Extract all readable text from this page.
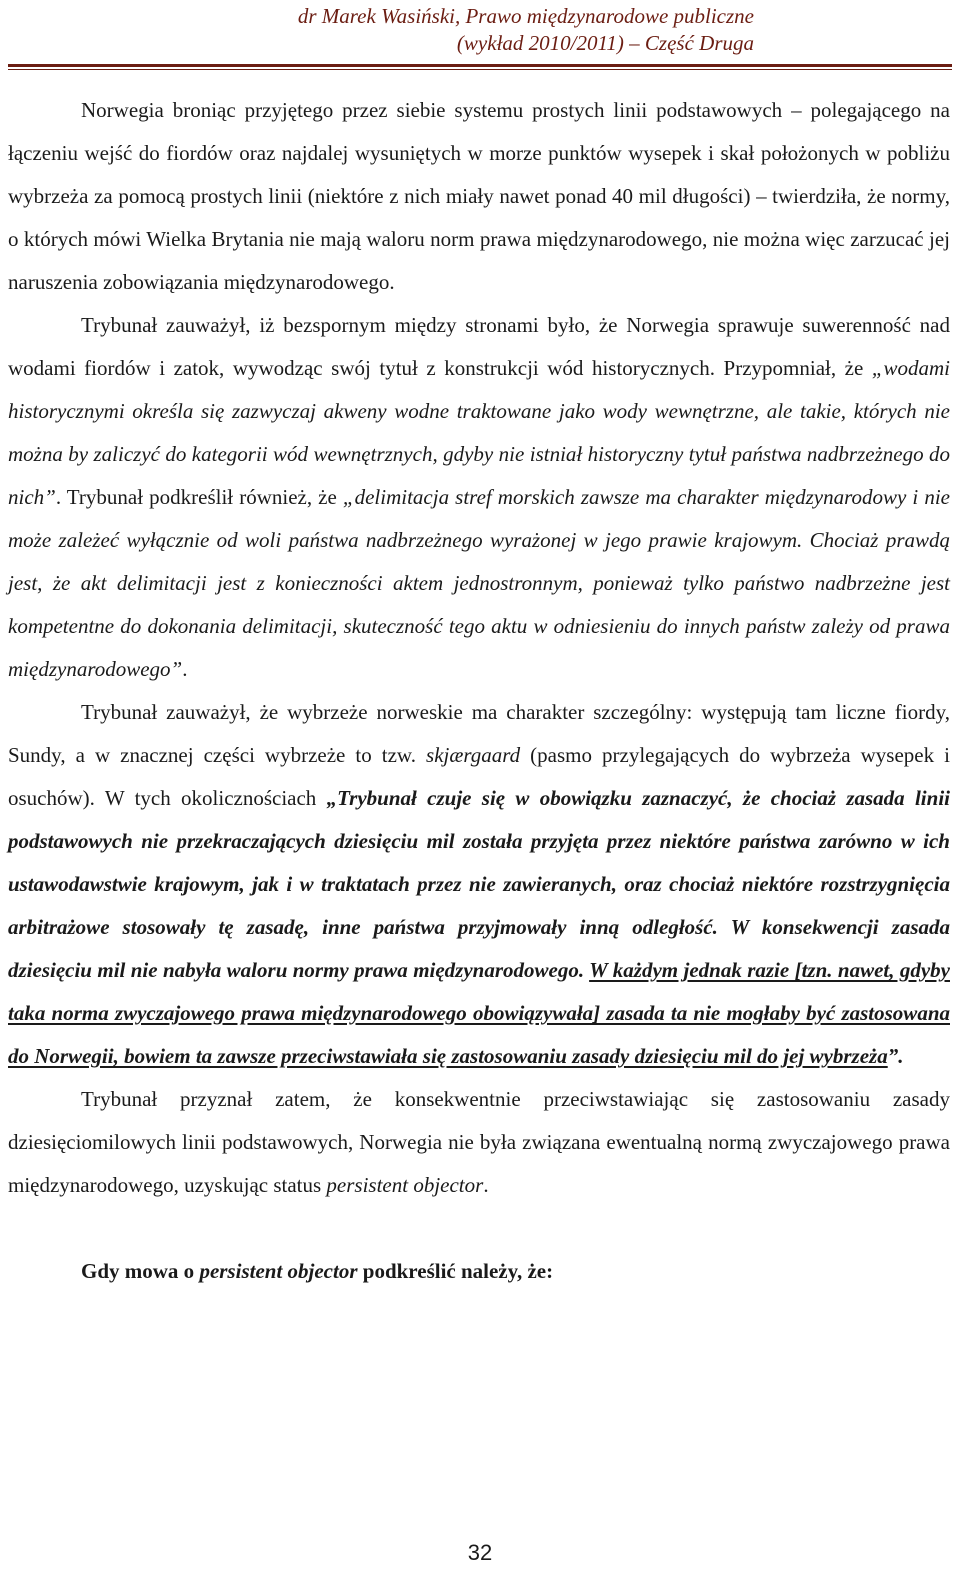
dr Marek Wasiński, Prawo międzynarodowe publiczne
(wykład 2010/2011) – Część Druga

Norwegia broniąc przyjętego przez siebie systemu prostych linii podstawowych – polegającego na łączeniu wejść do fiordów oraz najdalej wysuniętych w morze punktów wysepek i skał położonych w pobliżu wybrzeża za pomocą prostych linii (niektóre z nich miały nawet ponad 40 mil długości) – twierdziła, że normy, o których mówi Wielka Brytania nie mają waloru norm prawa międzynarodowego, nie można więc zarzucać jej naruszenia zobowiązania międzynarodowego.

Trybunał zauważył, iż bezspornym między stronami było, że Norwegia sprawuje suwerenność nad wodami fiordów i zatok, wywodząc swój tytuł z konstrukcji wód historycznych. Przypomniał, że „wodami historycznymi określa się zazwyczaj akweny wodne traktowane jako wody wewnętrzne, ale takie, których nie można by zaliczyć do kategorii wód wewnętrznych, gdyby nie istniał historyczny tytuł państwa nadbrzeżnego do nich”. Trybunał podkreślił również, że „delimitacja stref morskich zawsze ma charakter międzynarodowy i nie może zależeć wyłącznie od woli państwa nadbrzeżnego wyrażonej w jego prawie krajowym. Chociaż prawdą jest, że akt delimitacji jest z konieczności aktem jednostronnym, ponieważ tylko państwo nadbrzeżne jest kompetentne do dokonania delimitacji, skuteczność tego aktu w odniesieniu do innych państw zależy od prawa międzynarodowego”.

Trybunał zauważył, że wybrzeże norweskie ma charakter szczególny: występują tam liczne fiordy, Sundy, a w znacznej części wybrzeże to tzw. skjærgaard (pasmo przylegających do wybrzeża wysepek i osuchów). W tych okolicznościach „Trybunał czuje się w obowiązku zaznaczyć, że chociaż zasada linii podstawowych nie przekraczających dziesięciu mil została przyjęta przez niektóre państwa zarówno w ich ustawodawstwie krajowym, jak i w traktatach przez nie zawieranych, oraz chociaż niektóre rozstrzygnięcia arbitrażowe stosowały tę zasadę, inne państwa przyjmowały inną odległość. W konsekwencji zasada dziesięciu mil nie nabyła waloru normy prawa międzynarodowego. W każdym jednak razie [tzn. nawet, gdyby taka norma zwyczajowego prawa międzynarodowego obowiązywała] zasada ta nie mogłaby być zastosowana do Norwegii, bowiem ta zawsze przeciwstawiała się zastosowaniu zasady dziesięciu mil do jej wybrzeża”.

Trybunał przyznał zatem, że konsekwentnie przeciwstawiając się zastosowaniu zasady dziesięciomilowych linii podstawowych, Norwegia nie była związana ewentualną normą zwyczajowego prawa międzynarodowego, uzyskując status persistent objector.

Gdy mowa o persistent objector podkreślić należy, że:

32
